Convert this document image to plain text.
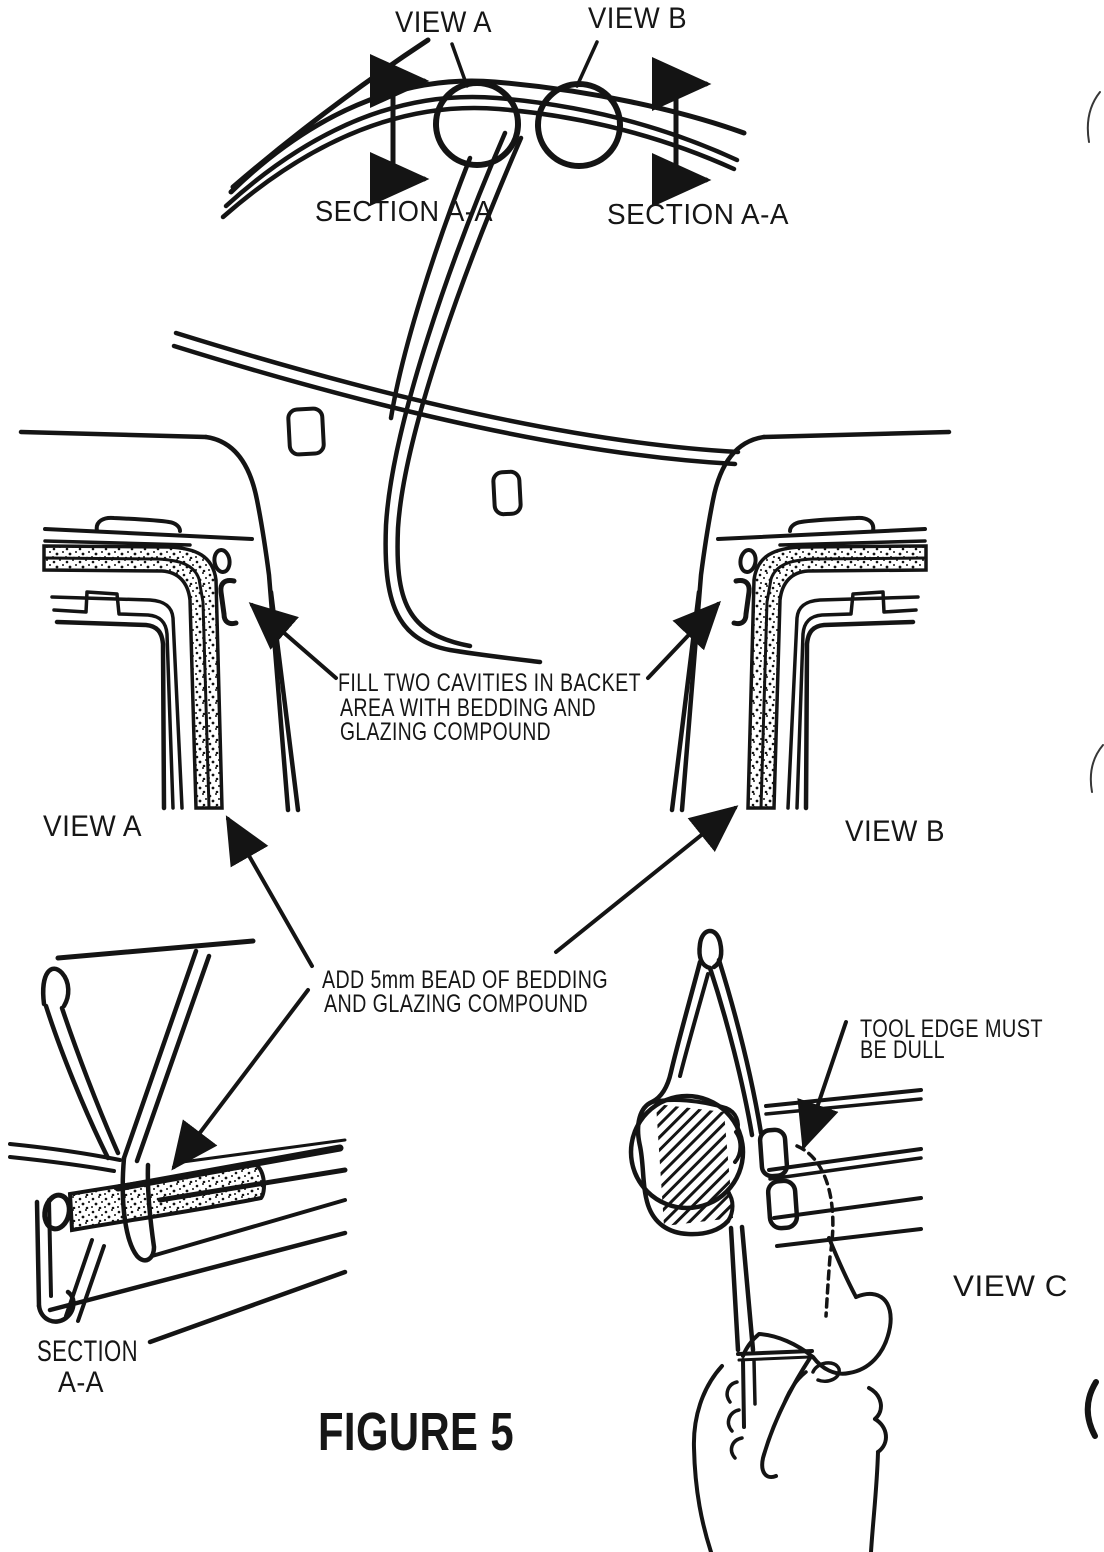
VIEW A	VIEW B
SECTION A-A	SECTION A-A
FILL TWO CAVITIES IN BACKET
AREA WITH BEDDING AND
GLAZING COMPOUND
VIEW A	VIEW B
ADD 5mm BEAD OF BEDDING
AND GLAZING COMPOUND
TOOL EDGE MUST
BE DULL
VIEW C
SECTION
A-A
FIGURE 5
